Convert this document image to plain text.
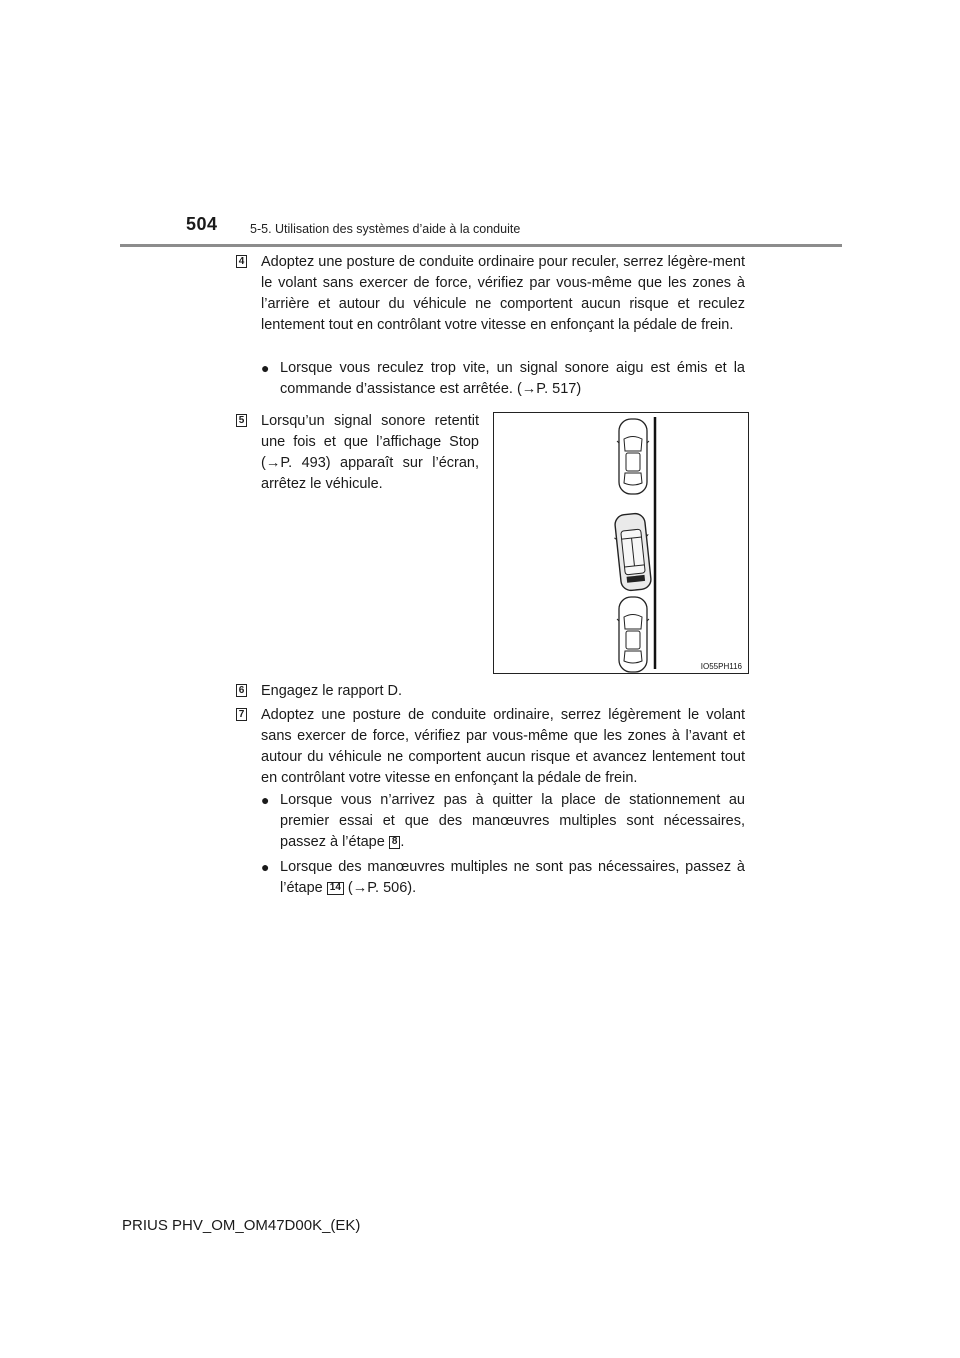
504	5-5. Utilisation des systèmes d’aide à la conduite
4 Adoptez une posture de conduite ordinaire pour reculer, serrez légère-ment le volant sans exercer de force, vérifiez par vous-même que les zones à l’arrière et autour du véhicule ne comportent aucun risque et reculez lentement tout en contrôlant votre vitesse en enfonçant la pédale de frein.

● Lorsque vous reculez trop vite, un signal sonore aigu est émis et la commande d’assistance est arrêtée. (→P. 517)
5 Lorsqu’un signal sonore retentit une fois et que l’affichage Stop (→P. 493) apparaît sur l’écran, arrêtez le véhicule.

IO55PH116
6 Engagez le rapport D.

7 Adoptez une posture de conduite ordinaire, serrez légèrement le volant sans exercer de force, vérifiez par vous-même que les zones à l’avant et autour du véhicule ne comportent aucun risque et avancez lentement tout en contrôlant votre vitesse en enfonçant la pédale de frein.

● Lorsque vous n’arrivez pas à quitter la place de stationnement au premier essai et que des manœuvres multiples sont nécessaires, passez à l’étape 8 .
● Lorsque des manœuvres multiples ne sont pas nécessaires, passez à l’étape 14 (→P. 506).
PRIUS PHV_OM_OM47D00K_(EK)
